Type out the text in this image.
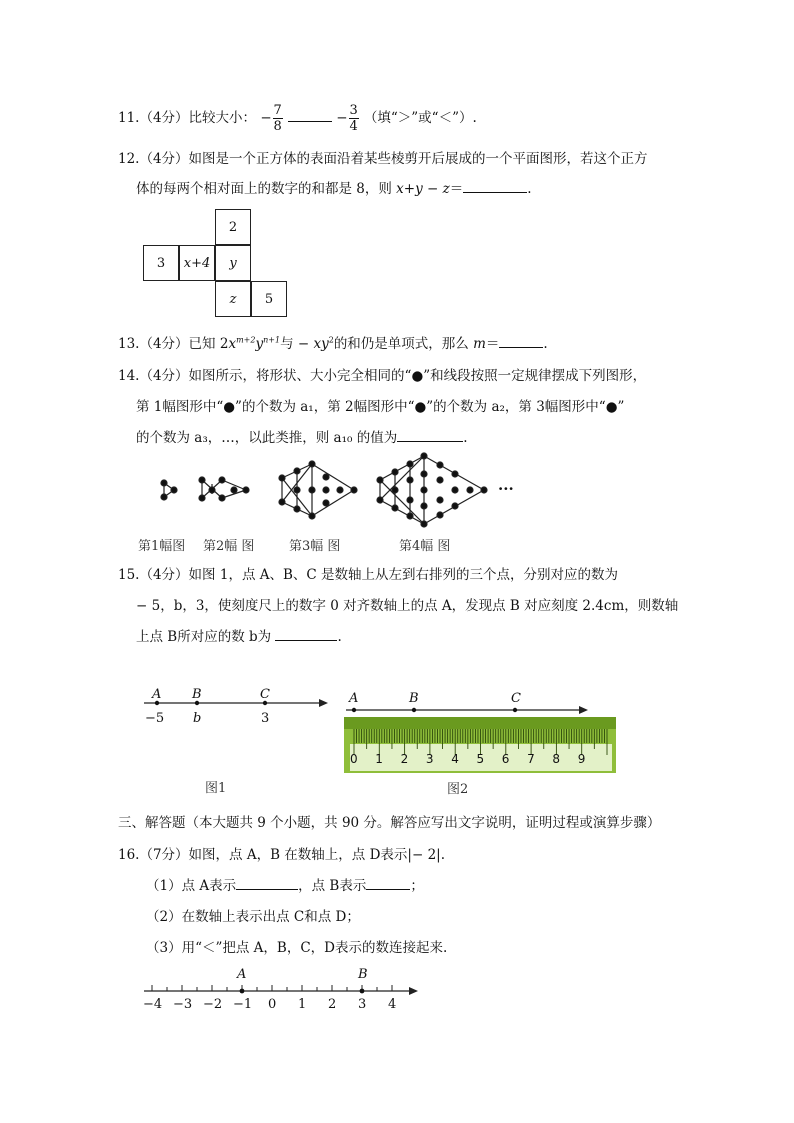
11.（4分）比较大小： − $\frac{7}{8}$	− $\frac{3}{4}$ （填“＞”或“＜”）.
12.（4分）如图是一个正方体的表面沿着某些棱剪开后展成的一个平面图形，若这个正方
体的每两个相对面上的数字的和都是 8，则 x+y − z＝	.
2
3	x+4	y
z	5
13.（4分）已知 $2x^{m+2}y^{n+1}$与 − $xy^2$的和仍是单项式，那么 m＝	.
14.（4分）如图所示，将形状、大小完全相同的“●”和线段按照一定规律摆成下列图形，
第 1幅图形中“●”的个数为 a₁，第 2幅图形中“●”的个数为 a₂，第 3幅图形中“●”
的个数为 a₃，…，以此类推，则 a₁₀ 的值为	.
···
第1幅图 第2幅 图	第3幅 图	第4幅 图
15.（4分）如图 1，点 A、B、C 是数轴上从左到右排列的三个点，分别对应的数为
− 5，b，3，使刻度尺上的数字 0 对齐数轴上的点 A，发现点 B 对应刻度 2.4cm，则数轴
上点 B所对应的数 b为	.
A B	C
−5 b	3
图1
A	B	C
0 1 2 3 4 5 6 7 8 9
图2
三、解答题（本大题共 9 个小题，共 90 分。解答应写出文字说明，证明过程或演算步骤）
16.（7分）如图，点 A，B 在数轴上，点 D表示|− 2|.
（1）点 A表示	，点 B表示	；
（2）在数轴上表示出点 C和点 D；
（3）用“＜”把点 A，B，C，D表示的数连接起来.
A	B
−4 −3 −2 −1 0 1 2 3 4
